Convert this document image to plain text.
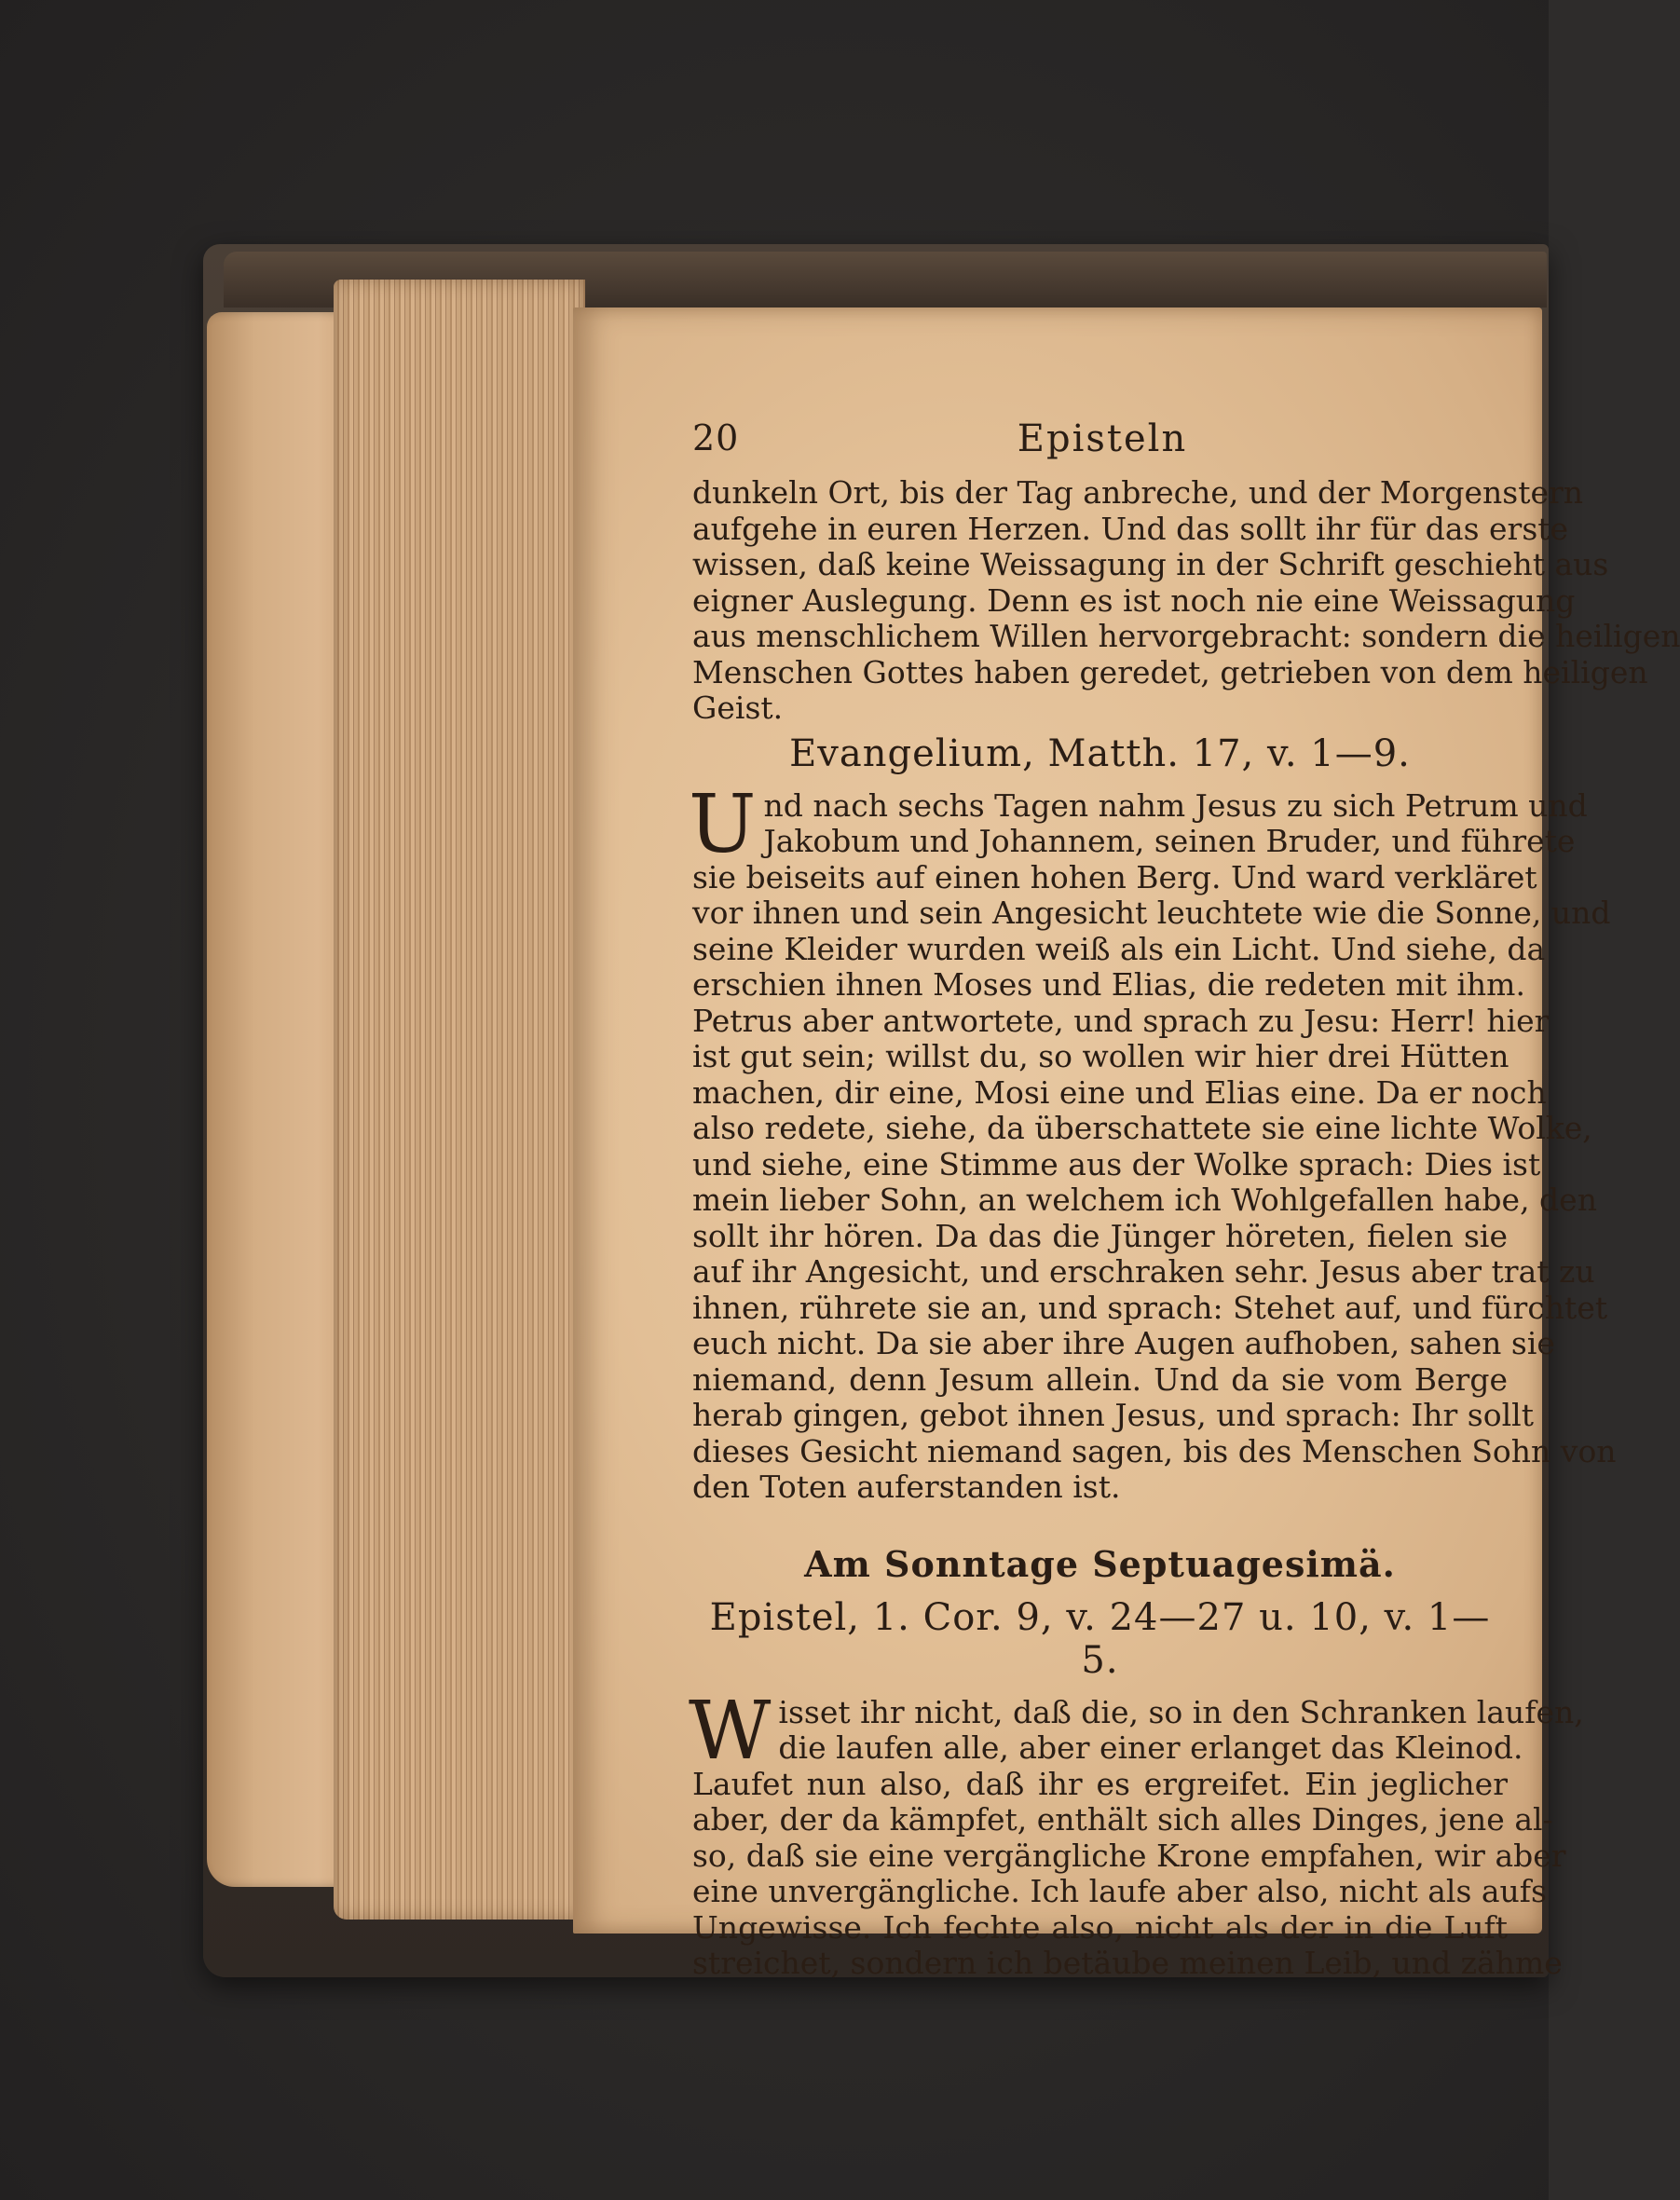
20	Episteln
dunkeln Ort, bis der Tag anbreche, und der Morgenstern
aufgehe in euren Herzen. Und das sollt ihr für das erste
wissen, daß keine Weissagung in der Schrift geschieht aus
eigner Auslegung. Denn es ist noch nie eine Weissagung
aus menschlichem Willen hervorgebracht: sondern die heiligen
Menschen Gottes haben geredet, getrieben von dem heiligen
Geist.
Evangelium, Matth. 17, v. 1—9.
U nd nach sechs Tagen nahm Jesus zu sich Petrum und
Jakobum und Johannem, seinen Bruder, und führete
sie beiseits auf einen hohen Berg. Und ward verkläret
vor ihnen und sein Angesicht leuchtete wie die Sonne, und
seine Kleider wurden weiß als ein Licht. Und siehe, da
erschien ihnen Moses und Elias, die redeten mit ihm.
Petrus aber antwortete, und sprach zu Jesu: Herr! hier
ist gut sein; willst du, so wollen wir hier drei Hütten
machen, dir eine, Mosi eine und Elias eine. Da er noch
also redete, siehe, da überschattete sie eine lichte Wolke,
und siehe, eine Stimme aus der Wolke sprach: Dies ist
mein lieber Sohn, an welchem ich Wohlgefallen habe, den
sollt ihr hören. Da das die Jünger höreten, fielen sie
auf ihr Angesicht, und erschraken sehr. Jesus aber trat zu
ihnen, rührete sie an, und sprach: Stehet auf, und fürchtet
euch nicht. Da sie aber ihre Augen aufhoben, sahen sie
niemand, denn Jesum allein. Und da sie vom Berge
herab gingen, gebot ihnen Jesus, und sprach: Ihr sollt
dieses Gesicht niemand sagen, bis des Menschen Sohn von
den Toten auferstanden ist.
Am Sonntage Septuagesimä.
Epistel, 1. Cor. 9, v. 24—27 u. 10, v. 1—5.
W isset ihr nicht, daß die, so in den Schranken laufen,
die laufen alle, aber einer erlanget das Kleinod.
Laufet nun also, daß ihr es ergreifet. Ein jeglicher
aber, der da kämpfet, enthält sich alles Dinges, jene al-
so, daß sie eine vergängliche Krone empfahen, wir aber
eine unvergängliche. Ich laufe aber also, nicht als aufs
Ungewisse. Ich fechte also, nicht als der in die Luft
streichet, sondern ich betäube meinen Leib, und zähme
